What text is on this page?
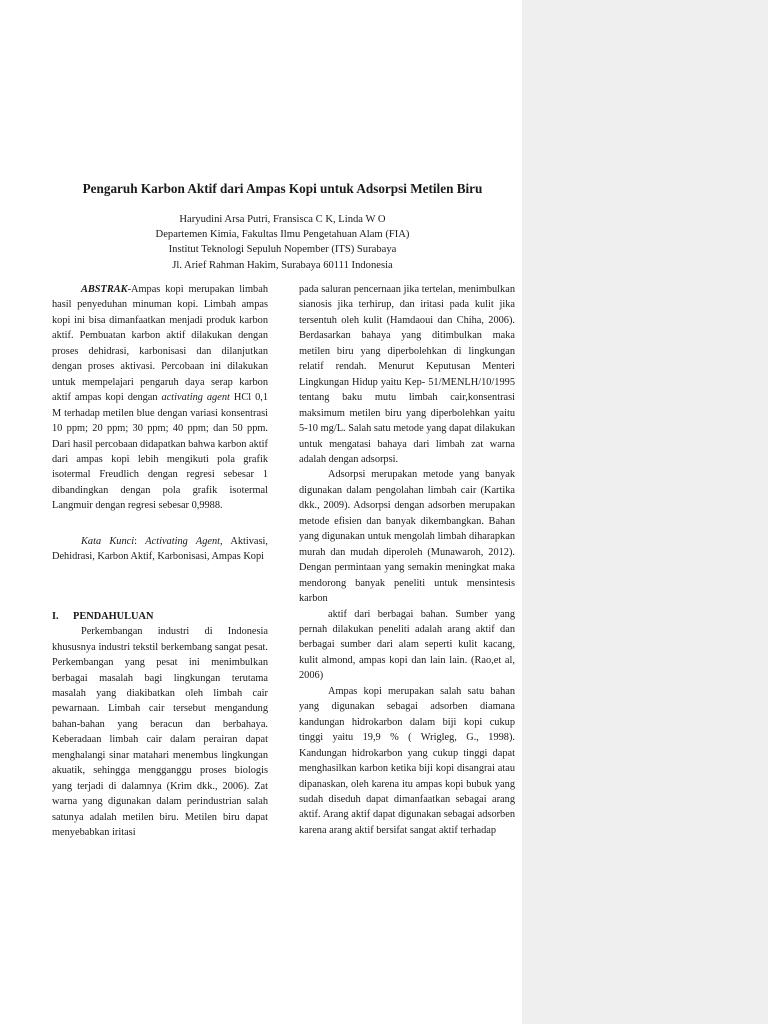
Pengaruh Karbon Aktif dari Ampas Kopi untuk Adsorpsi Metilen Biru
Haryudini Arsa Putri, Fransisca C K, Linda W O
Departemen Kimia, Fakultas Ilmu Pengetahuan Alam (FIA)
Institut Teknologi Sepuluh Nopember (ITS) Surabaya
Jl. Arief Rahman Hakim, Surabaya 60111 Indonesia

ABSTRAK-Ampas kopi merupakan limbah hasil penyeduhan minuman kopi. Limbah ampas kopi ini bisa dimanfaatkan menjadi produk karbon aktif. Pembuatan karbon aktif dilakukan dengan proses dehidrasi, karbonisasi dan dilanjutkan dengan proses aktivasi. Percobaan ini dilakukan untuk mempelajari pengaruh daya serap karbon aktif ampas kopi dengan activating agent HCl 0,1 M terhadap metilen blue dengan variasi konsentrasi 10 ppm; 20 ppm; 30 ppm; 40 ppm; dan 50 ppm. Dari hasil percobaan didapatkan bahwa karbon aktif dari ampas kopi lebih mengikuti pola grafik isotermal Freudlich dengan regresi sebesar 1 dibandingkan dengan pola grafik isotermal Langmuir dengan regresi sebesar 0,9988.

Kata Kunci: Activating Agent, Aktivasi, Dehidrasi, Karbon Aktif, Karbonisasi, Ampas Kopi

I. PENDAHULUAN

Perkembangan industri di Indonesia khususnya industri tekstil berkembang sangat pesat. Perkembangan yang pesat ini menimbulkan berbagai masalah bagi lingkungan terutama masalah yang diakibatkan oleh limbah cair pewarnaan. Limbah cair tersebut mengandung bahan-bahan yang beracun dan berbahaya. Keberadaan limbah cair dalam perairan dapat menghalangi sinar matahari menembus lingkungan akuatik, sehingga mengganggu proses biologis yang terjadi di dalamnya (Krim dkk., 2006). Zat warna yang digunakan dalam perindustrian salah satunya adalah metilen biru. Metilen biru dapat menyebabkan iritasi

pada saluran pencernaan jika tertelan, menimbulkan sianosis jika terhirup, dan iritasi pada kulit jika tersentuh oleh kulit (Hamdaoui dan Chiha, 2006). Berdasarkan bahaya yang ditimbulkan maka metilen biru yang diperbolehkan di lingkungan relatif rendah. Menurut Keputusan Menteri Lingkungan Hidup yaitu Kep- 51/MENLH/10/1995 tentang baku mutu limbah cair,konsentrasi maksimum metilen biru yang diperbolehkan yaitu 5-10 mg/L. Salah satu metode yang dapat dilakukan untuk mengatasi bahaya dari limbah zat warna adalah dengan adsorpsi.

Adsorpsi merupakan metode yang banyak digunakan dalam pengolahan limbah cair (Kartika dkk., 2009). Adsorpsi dengan adsorben merupakan metode efisien dan banyak dikembangkan. Bahan yang digunakan untuk mengolah limbah diharapkan murah dan mudah diperoleh (Munawaroh, 2012). Dengan permintaan yang semakin meningkat maka mendorong banyak peneliti untuk mensintesis karbon

aktif dari berbagai bahan. Sumber yang pernah dilakukan peneliti adalah arang aktif dan berbagai sumber dari alam seperti kulit kacang, kulit almond, ampas kopi dan lain lain. (Rao,et al, 2006)

Ampas kopi merupakan salah satu bahan yang digunakan sebagai adsorben diamana kandungan hidrokarbon dalam biji kopi cukup tinggi yaitu 19,9 % ( Wrigleg, G., 1998). Kandungan hidrokarbon yang cukup tinggi dapat menghasilkan karbon ketika biji kopi disangrai atau dipanaskan, oleh karena itu ampas kopi bubuk yang sudah diseduh dapat dimanfaatkan sebagai arang aktif. Arang aktif dapat digunakan sebagai adsorben karena arang aktif bersifat sangat aktif terhadap
